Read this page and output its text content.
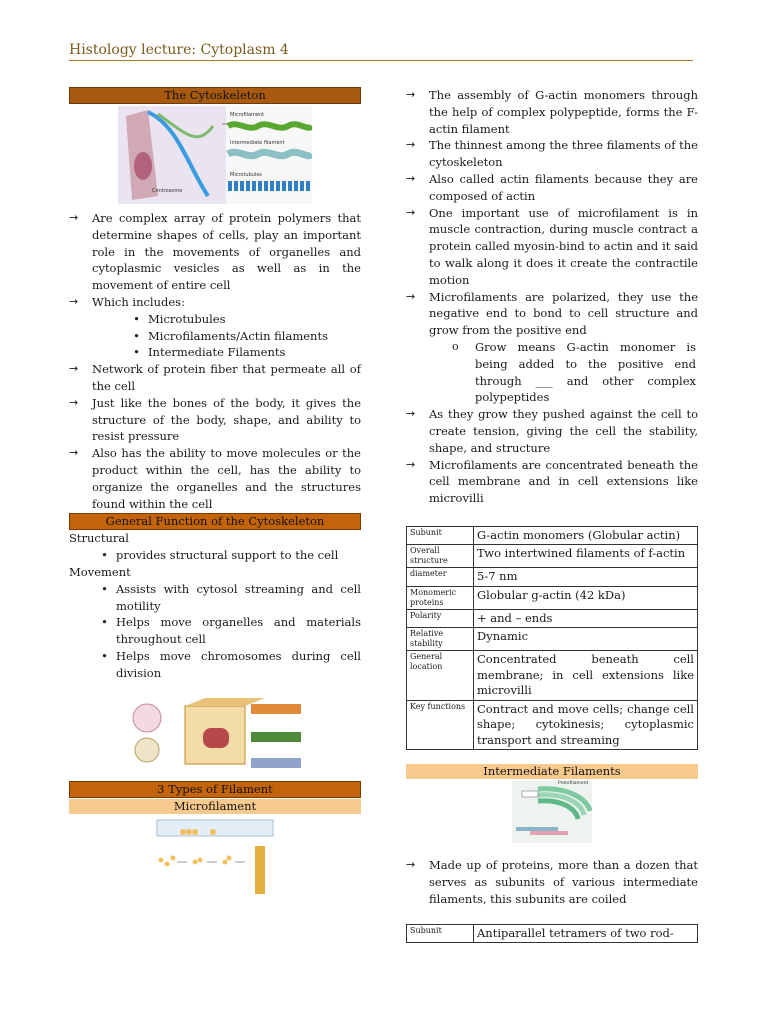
Histology lecture: Cytoplasm 4
The Cytoskeleton
Microfilament
Intermediate filament
Microtubules
Centrosome
→	Are complex array of protein polymers that determine shapes of cells, play an important role in the movements of organelles and cytoplasmic vesicles as well as in the movement of entire cell

→	Which includes:

• Microtubules
• Microfilaments/Actin filaments
• Intermediate Filaments
→	Network of protein fiber that permeate all of the cell

→	Just like the bones of the body, it gives the structure of the body, shape, and ability to resist pressure

→	Also has the ability to move molecules or the product within the cell, has the ability to organize the organelles and the structures found within the cell

General Function of the Cytoskeleton
Structural
• provides structural support to the cell
Movement
• Assists with cytosol streaming and cell motility

• Helps move organelles and materials throughout cell

• Helps move chromosomes during cell division

3 Types of Filament
Microfilament
→	The assembly of G-actin monomers through the help of complex polypeptide, forms the F-actin filament

→	The thinnest among the three filaments of the cytoskeleton

→	Also called actin filaments because they are composed of actin

→	One important use of microfilament is in muscle contraction, during muscle contract a protein called myosin-bind to actin and it said to walk along it does it create the contractile motion

→	Microfilaments are polarized, they use the negative end to bond to cell structure and grow from the positive end

o	Grow means G-actin monomer is being added to the positive end through ___ and other complex polypeptides

→	As they grow they pushed against the cell to create tension, giving the cell the stability, shape, and structure

→	Microfilaments are concentrated beneath the cell membrane and in cell extensions like microvilli

Subunit	G-actin monomers (Globular actin)
Overall structure	Two intertwined filaments of f-actin
diameter	5-7 nm
Monomeric proteins	Globular g-actin (42 kDa)
Polarity	+ and – ends
Relative stability	Dynamic
General location	Concentrated beneath cell membrane; in cell extensions like microvilli
Key functions	Contract and move cells; change cell shape; cytokinesis; cytoplasmic transport and streaming
Intermediate Filaments
Protofilament
→	Made up of proteins, more than a dozen that serves as subunits of various intermediate filaments, this subunits are coiled

Subunit	Antiparallel tetramers of two rod-
